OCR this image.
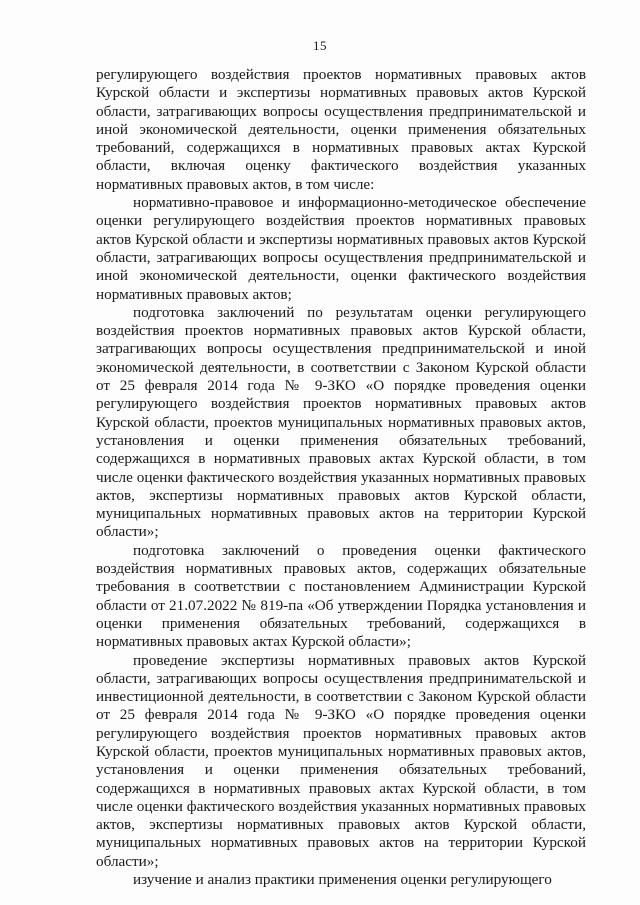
15

регулирующего воздействия проектов нормативных правовых актов Курской области и экспертизы нормативных правовых актов Курской области, затрагивающих вопросы осуществления предпринимательской и иной экономической деятельности, оценки применения обязательных требований, содержащихся в нормативных правовых актах Курской области, включая оценку фактического воздействия указанных нормативных правовых актов, в том числе:

нормативно-правовое и информационно-методическое обеспечение оценки регулирующего воздействия проектов нормативных правовых актов Курской области и экспертизы нормативных правовых актов Курской области, затрагивающих вопросы осуществления предпринимательской и иной экономической деятельности, оценки фактического воздействия нормативных правовых актов;

подготовка заключений по результатам оценки регулирующего воздействия проектов нормативных правовых актов Курской области, затрагивающих вопросы осуществления предпринимательской и иной экономической деятельности, в соответствии с Законом Курской области от 25 февраля 2014 года № 9-ЗКО «О порядке проведения оценки регулирующего воздействия проектов нормативных правовых актов Курской области, проектов муниципальных нормативных правовых актов, установления и оценки применения обязательных требований, содержащихся в нормативных правовых актах Курской области, в том числе оценки фактического воздействия указанных нормативных правовых актов, экспертизы нормативных правовых актов Курской области, муниципальных нормативных правовых актов на территории Курской области»;

подготовка заключений о проведения оценки фактического воздействия нормативных правовых актов, содержащих обязательные требования в соответствии с постановлением Администрации Курской области от 21.07.2022 № 819-па «Об утверждении Порядка установления и оценки применения обязательных требований, содержащихся в нормативных правовых актах Курской области»;

проведение экспертизы нормативных правовых актов Курской области, затрагивающих вопросы осуществления предпринимательской и инвестиционной деятельности, в соответствии с Законом Курской области от 25 февраля 2014 года № 9-ЗКО «О порядке проведения оценки регулирующего воздействия проектов нормативных правовых актов Курской области, проектов муниципальных нормативных правовых актов, установления и оценки применения обязательных требований, содержащихся в нормативных правовых актах Курской области, в том числе оценки фактического воздействия указанных нормативных правовых актов, экспертизы нормативных правовых актов Курской области, муниципальных нормативных правовых актов на территории Курской области»;

изучение и анализ практики применения оценки регулирующего
